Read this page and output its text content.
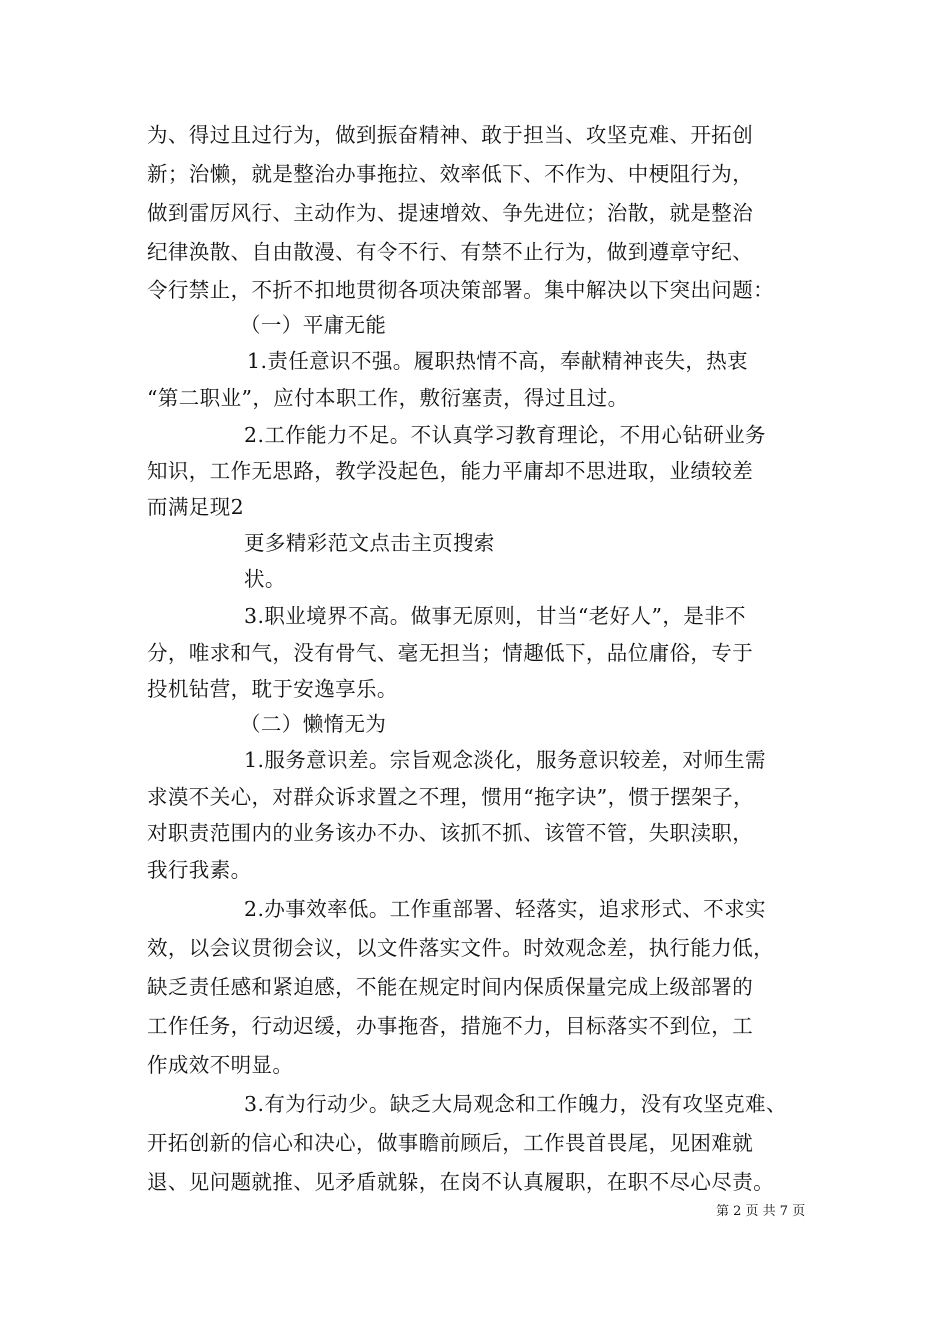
为、得过且过行为，做到振奋精神、敢于担当、攻坚克难、开拓创
新；治懒，就是整治办事拖拉、效率低下、不作为、中梗阻行为，
做到雷厉风行、主动作为、提速增效、争先进位；治散，就是整治
纪律涣散、自由散漫、有令不行、有禁不止行为，做到遵章守纪、
令行禁止，不折不扣地贯彻各项决策部署。集中解决以下突出问题：
（一）平庸无能
1.责任意识不强。履职热情不高，奉献精神丧失，热衷
“第二职业”，应付本职工作，敷衍塞责，得过且过。
2.工作能力不足。不认真学习教育理论，不用心钻研业务
知识，工作无思路，教学没起色，能力平庸却不思进取，业绩较差
而满足现2
更多精彩范文点击主页搜索
状。
3.职业境界不高。做事无原则，甘当“老好人”，是非不
分，唯求和气，没有骨气、毫无担当；情趣低下，品位庸俗，专于
投机钻营，耽于安逸享乐。
（二）懒惰无为
1.服务意识差。宗旨观念淡化，服务意识较差，对师生需
求漠不关心，对群众诉求置之不理，惯用“拖字诀”，惯于摆架子，
对职责范围内的业务该办不办、该抓不抓、该管不管，失职渎职，
我行我素。
2.办事效率低。工作重部署、轻落实，追求形式、不求实
效，以会议贯彻会议，以文件落实文件。时效观念差，执行能力低，
缺乏责任感和紧迫感，不能在规定时间内保质保量完成上级部署的
工作任务，行动迟缓，办事拖沓，措施不力，目标落实不到位，工
作成效不明显。
3.有为行动少。缺乏大局观念和工作魄力，没有攻坚克难、
开拓创新的信心和决心，做事瞻前顾后，工作畏首畏尾，见困难就
退、见问题就推、见矛盾就躲，在岗不认真履职，在职不尽心尽责。
第 2 页 共 7 页
